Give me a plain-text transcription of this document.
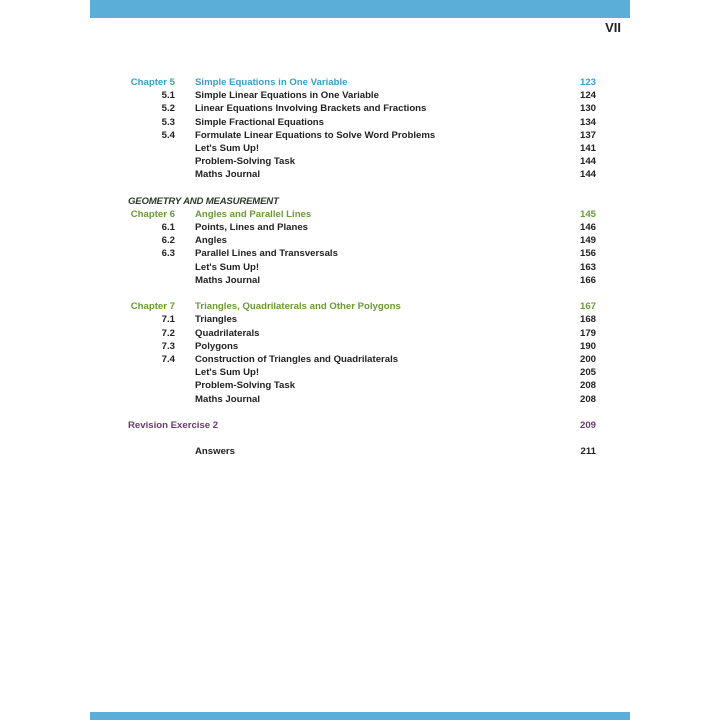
VII
Chapter 5 Simple Equations in One Variable	123
5.1 Simple Linear Equations in One Variable	124
5.2 Linear Equations Involving Brackets and Fractions	130
5.3 Simple Fractional Equations	134
5.4 Formulate Linear Equations to Solve Word Problems	137
Let's Sum Up!	141
Problem-Solving Task	144
Maths Journal	144
GEOMETRY AND MEASUREMENT
Chapter 6 Angles and Parallel Lines	145
6.1 Points, Lines and Planes	146
6.2 Angles	149
6.3 Parallel Lines and Transversals	156
Let's Sum Up!	163
Maths Journal	166
Chapter 7 Triangles, Quadrilaterals and Other Polygons	167
7.1 Triangles	168
7.2 Quadrilaterals	179
7.3 Polygons	190
7.4 Construction of Triangles and Quadrilaterals	200
Let's Sum Up!	205
Problem-Solving Task	208
Maths Journal	208
Revision Exercise 2	209
Answers	211
